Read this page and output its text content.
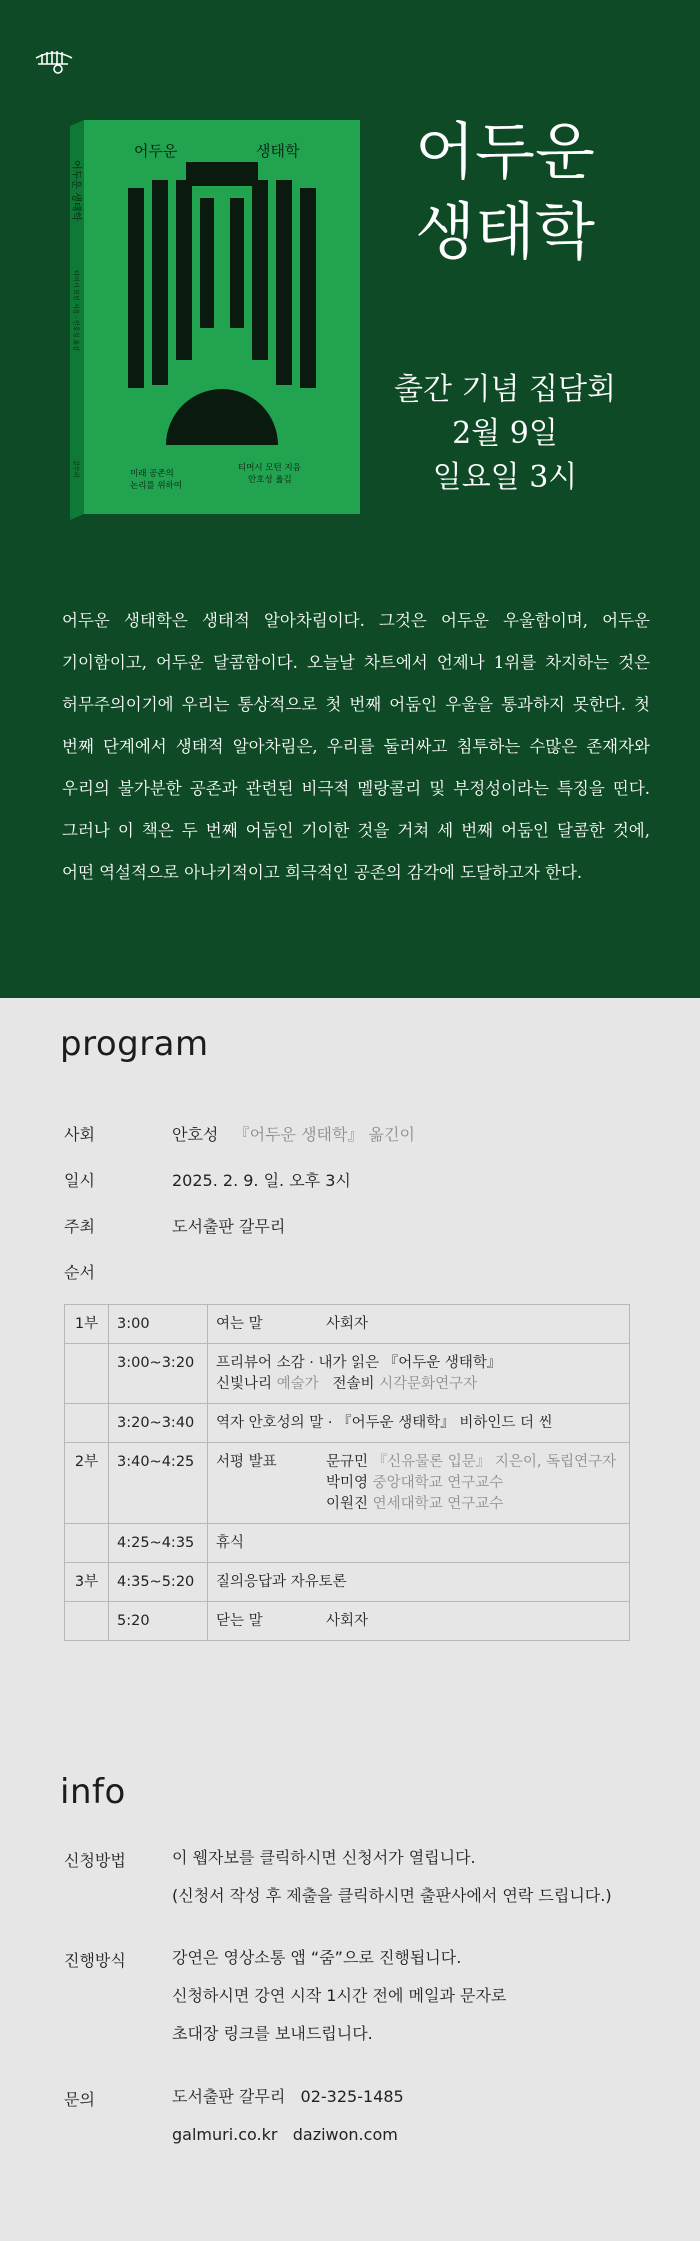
어두운	생태학
미래 공존의
논리를 위하여
티머시 모턴 지음
안호성 옮김
어두운 생태학
티머시 모턴 지음 · 안호성 옮김
갈무리
어두운
생태학
출간 기념 집담회
2월 9일
일요일 3시
어두운 생태학은 생태적 알아차림이다. 그것은 어두운 우울함이며, 어두운 기이함이고, 어두운 달콤함이다. 오늘날 차트에서 언제나 1위를 차지하는 것은 허무주의이기에 우리는 통상적으로 첫 번째 어둠인 우울을 통과하지 못한다. 첫 번째 단계에서 생태적 알아차림은, 우리를 둘러싸고 침투하는 수많은 존재자와 우리의 불가분한 공존과 관련된 비극적 멜랑콜리 및 부정성이라는 특징을 띤다. 그러나 이 책은 두 번째 어둠인 기이한 것을 거쳐 세 번째 어둠인 달콤한 것에, 어떤 역설적으로 아나키적이고 희극적인 공존의 감각에 도달하고자 한다.
program
사회	안호성 『어두운 생태학』 옮긴이
일시	2025. 2. 9. 일. 오후 3시
주최	도서출판 갈무리
순서
1부	3:00	여는 말 사회자
	3:00~3:20	프리뷰어 소감 · 내가 읽은 『어두운 생태학』
신빛나리 예술가 전솔비 시각문화연구자

	3:20~3:40	역자 안호성의 말 · 『어두운 생태학』 비하인드 더 씬

2부	3:40~4:25	서평 발표 문규민 『신유물론 입문』 지은이, 독립연구자
박미영 중앙대학교 연구교수
이원진 연세대학교 연구교수

	4:25~4:35	휴식
3부	4:35~5:20	질의응답과 자유토론
	5:20	닫는 말 사회자
info
신청방법	이 웹자보를 클릭하시면 신청서가 열립니다.
(신청서 작성 후 제출을 클릭하시면 출판사에서 연락 드립니다.)
진행방식	강연은 영상소통 앱 “줌”으로 진행됩니다.
신청하시면 강연 시작 1시간 전에 메일과 문자로
초대장 링크를 보내드립니다.
문의	도서출판 갈무리   02-325-1485
galmuri.co.kr   daziwon.com
